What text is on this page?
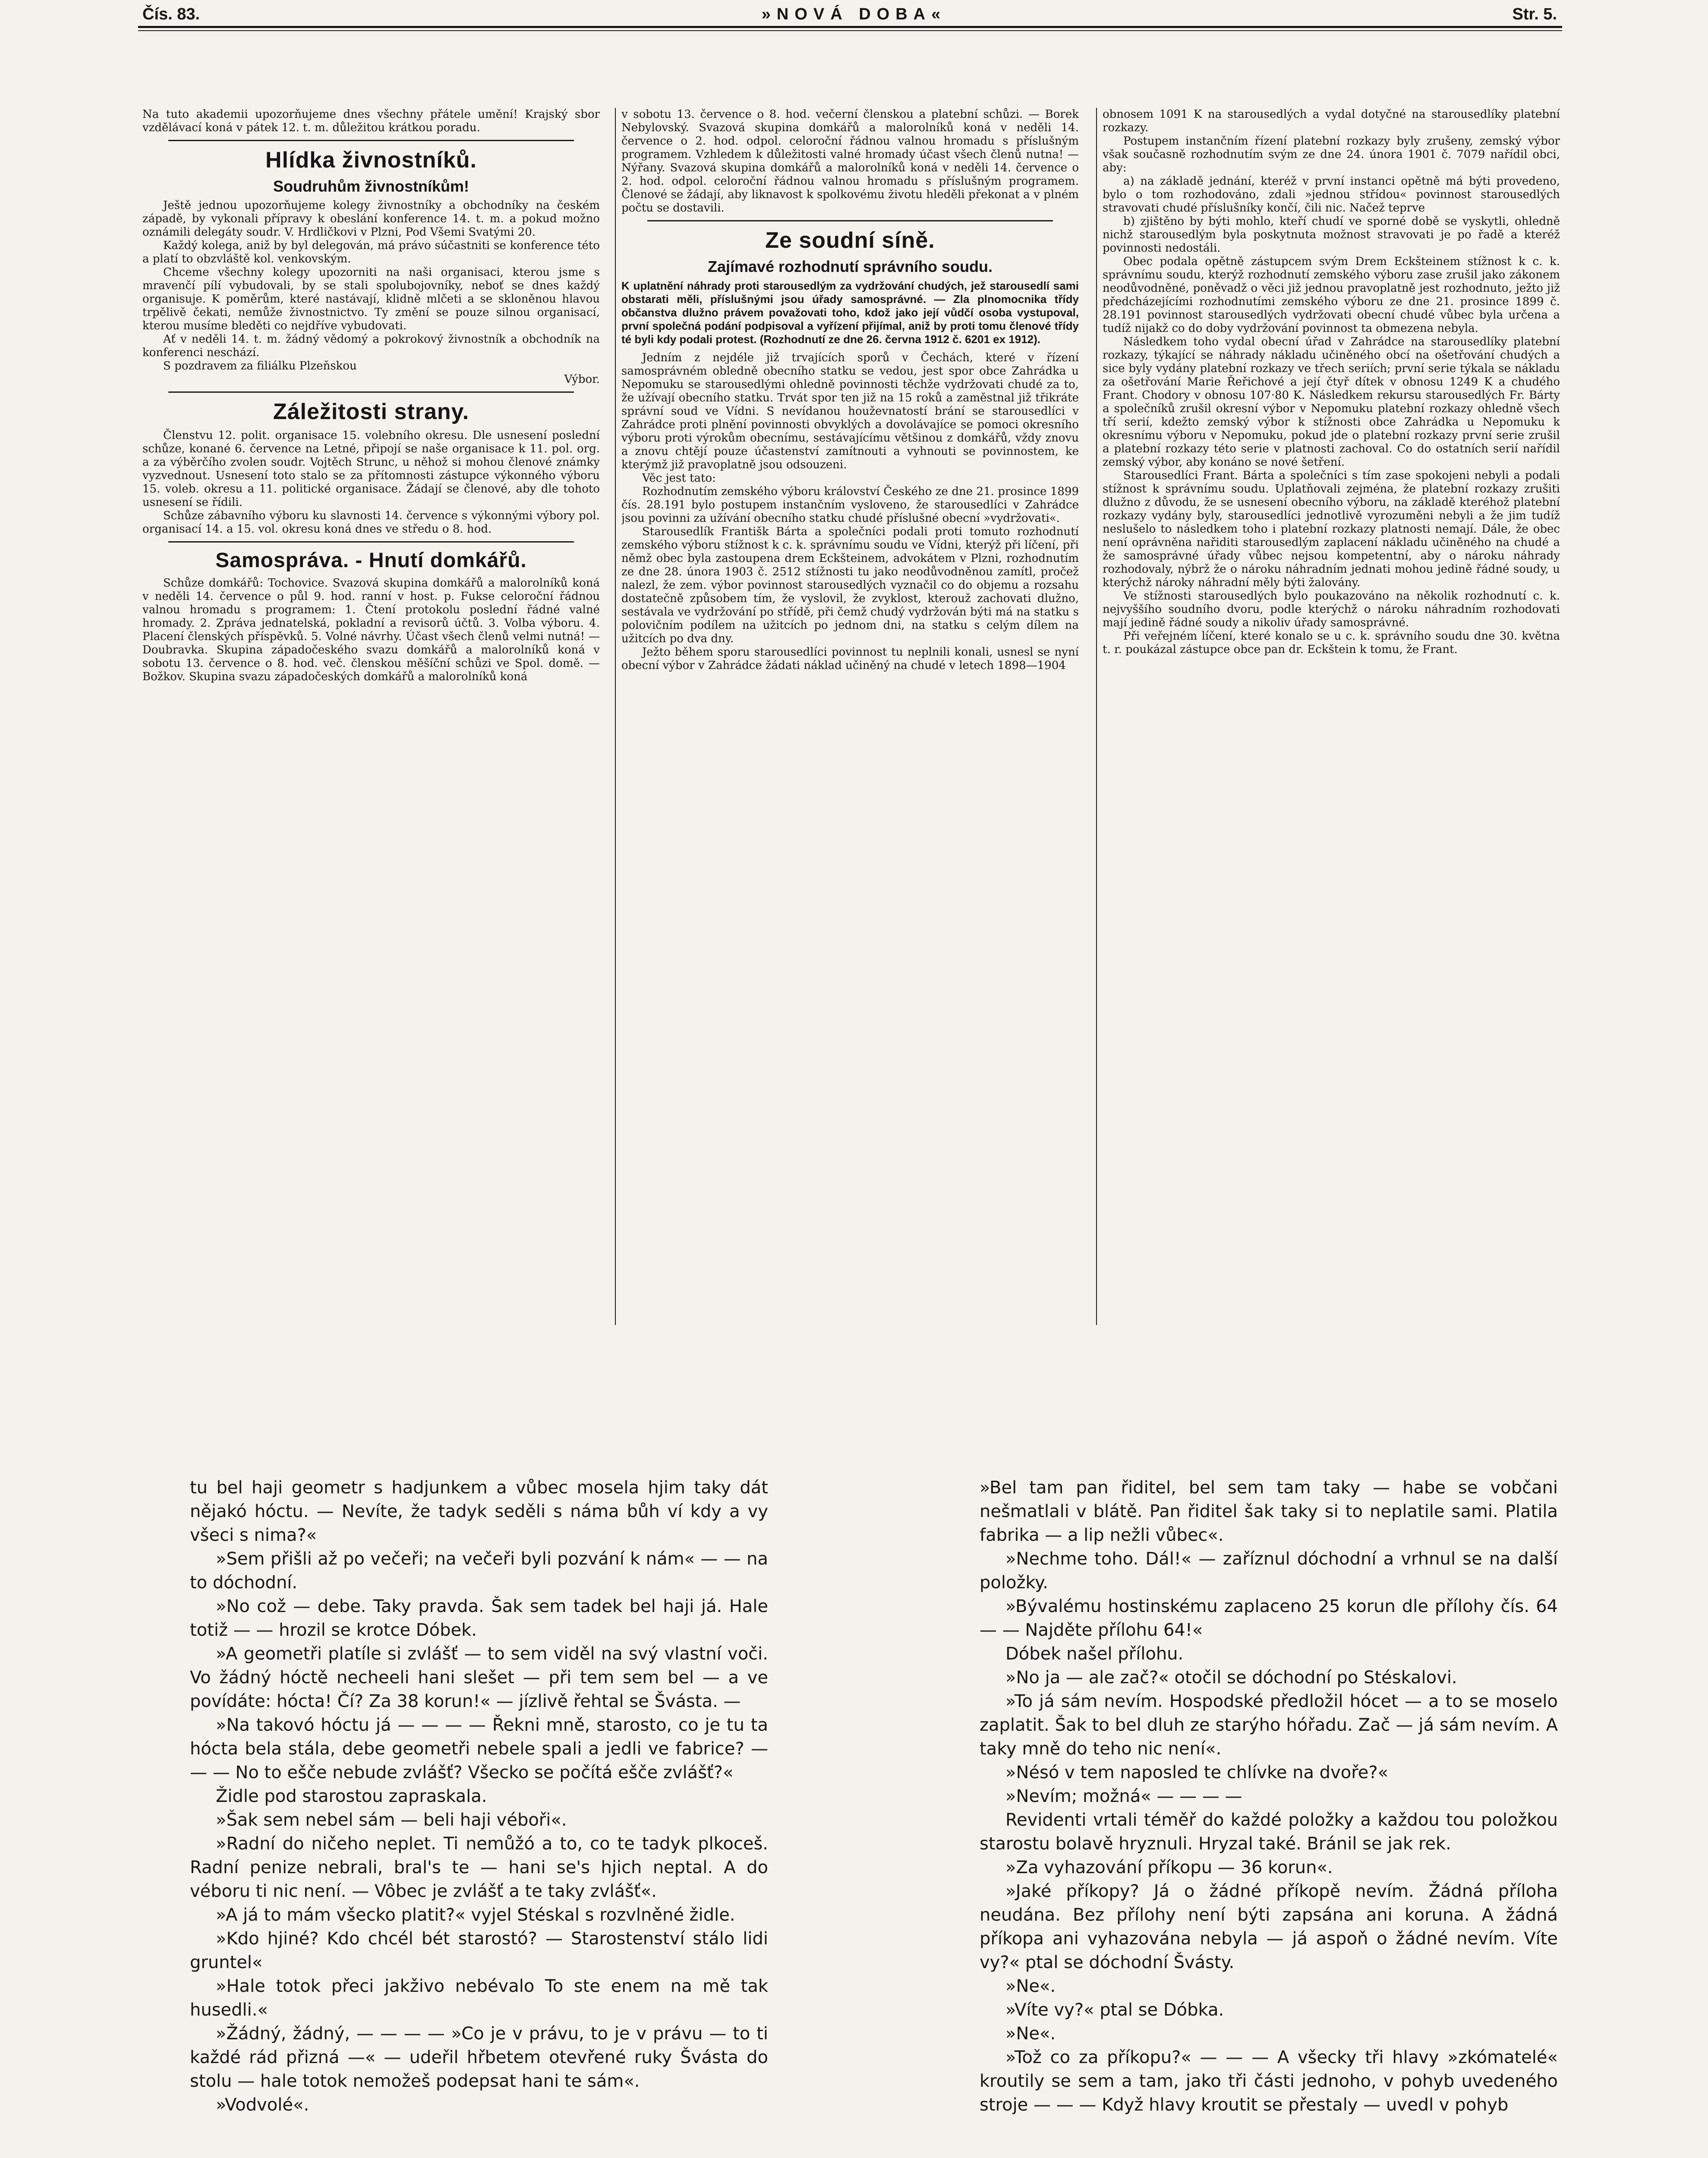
Čís. 83.	»NOVÁ DOBA«	Str. 5.

Na tuto akademii upozorňujeme dnes všechny přátele umění! Krajský sbor vzdělávací koná v pátek 12. t. m. důležitou krátkou poradu.

Hlídka živnostníků.
Soudruhům živnostníkům!

Ještě jednou upozorňujeme kolegy živnostníky a obchodníky na českém západě, by vykonali přípravy k obeslání konference 14. t. m. a pokud možno oznámili delegáty soudr. V. Hrdličkovi v Plzni, Pod Všemi Svatými 20.

Každý kolega, aniž by byl delegován, má právo súčastniti se konference této a platí to obzvláště kol. venkovským.

Chceme všechny kolegy upozorniti na naši organisaci, kterou jsme s mravenčí pílí vybudovali, by se stali spolubojovníky, neboť se dnes každý organisuje. K poměrům, které nastávají, klidně mlčeti a se skloněnou hlavou trpělivě čekati, nemůže živnostnictvo. Ty změní se pouze silnou organisací, kterou musíme bleděti co nejdříve vybudovati.

Ať v neděli 14. t. m. žádný vědomý a pokrokový živnostník a obchodník na konferenci neschází.

S pozdravem za filiálku Plzeňskou

Výbor.

Záležitosti strany.

Členstvu 12. polit. organisace 15. volebního okresu. Dle usnesení poslední schůze, konané 6. července na Letné, připojí se naše organisace k 11. pol. org. a za výběrčího zvolen soudr. Vojtěch Strunc, u něhož si mohou členové známky vyzvednout. Usnesení toto stalo se za přítomnosti zástupce výkonného výboru 15. voleb. okresu a 11. politické organisace. Žádají se členové, aby dle tohoto usnesení se řídili.

Schůze zábavního výboru ku slavnosti 14. července s výkonnými výbory pol. organisací 14. a 15. vol. okresu koná dnes ve středu o 8. hod.

Samospráva. - Hnutí domkářů.

Schůze domkářů: Tochovice. Svazová skupina domkářů a malorolníků koná v neděli 14. července o půl 9. hod. ranní v host. p. Fukse celoroční řádnou valnou hromadu s programem: 1. Čtení protokolu poslední řádné valné hromady. 2. Zpráva jednatelská, pokladní a revisorů účtů. 3. Volba výboru. 4. Placení členských příspěvků. 5. Volné návrhy. Účast všech členů velmi nutná! — Doubravka. Skupina západočeského svazu domkářů a malorolníků koná v sobotu 13. července o 8. hod. več. členskou měšíční schůzi ve Spol. domě. — Božkov. Skupina svazu západočeských domkářů a malorolníků koná

v sobotu 13. července o 8. hod. večerní členskou a platební schůzi. — Borek Nebylovský. Svazová skupina domkářů a malorolníků koná v neděli 14. července o 2. hod. odpol. celoroční řádnou valnou hromadu s příslušným programem. Vzhledem k důležitosti valné hromady účast všech členů nutna! — Nýřany. Svazová skupina domkářů a malorolníků koná v neděli 14. července o 2. hod. odpol. celoroční řádnou valnou hromadu s příslušným programem. Členové se žádají, aby liknavost k spolkovému životu hleděli překonat a v plném počtu se dostavili.

Ze soudní síně.
Zajímavé rozhodnutí správního soudu.

K uplatnění náhrady proti starousedlým za vydržování chudých, jež starousedlí sami obstarati měli, příslušnými jsou úřady samosprávné. — Zla plnomocnika třídy občanstva dlužno právem považovati toho, kdož jako její vůdčí osoba vystupoval, první společná podání podpisoval a vyřízení přijímal, aniž by proti tomu členové třídy té byli kdy podali protest. (Rozhodnutí ze dne 26. června 1912 č. 6201 ex 1912).

Jedním z nejdéle již trvajících sporů v Čechách, které v řízení samosprávném obledně obecního statku se vedou, jest spor obce Zahrádka u Nepomuku se starousedlými ohledně povinnosti těchže vydržovati chudé za to, že užívají obecního statku. Trvát spor ten již na 15 roků a zaměstnal již třikráte správní soud ve Vídni. S nevídanou houževnatostí brání se starousedlíci v Zahrádce proti plnění povinnosti obvyklých a dovolávajíce se pomoci okresního výboru proti výrokům obecnímu, sestávajícímu většinou z domkářů, vždy znovu a znovu chtějí pouze účastenství zamítnouti a vyhnouti se povinnostem, ke kterýmž již pravoplatně jsou odsouzeni.

Věc jest tato:

Rozhodnutím zemského výboru království Českého ze dne 21. prosince 1899 čís. 28.191 bylo postupem instančním vysloveno, že starousedlíci v Zahrádce jsou povinni za užívání obecního statku chudé příslušné obecní »vydržovati«.

Starousedlík Františk Bárta a společníci podali proti tomuto rozhodnutí zemského výboru stížnost k c. k. správnímu soudu ve Vídni, kterýž při líčení, při němž obec byla zastoupena drem Eckšteinem, advokátem v Plzni, rozhodnutím ze dne 28. února 1903 č. 2512 stížnosti tu jako neodůvodněnou zamítl, pročež nalezl, že zem. výbor povinnost starousedlých vyznačil co do objemu a rozsahu dostatečně způsobem tím, že vyslovil, že zvyklost, kterouž zachovati dlužno, sestávala ve vydržování po střídě, při čemž chudý vydržován býti má na statku s polovičním podílem na užitcích po jednom dni, na statku s celým dílem na užitcích po dva dny.

Ježto během sporu starousedlíci povinnost tu neplnili konali, usnesl se nyní obecní výbor v Zahrádce žádati náklad učiněný na chudé v letech 1898—1904

obnosem 1091 K na starousedlých a vydal dotyčné na starousedlíky platební rozkazy.

Postupem instančním řízení platební rozkazy byly zrušeny, zemský výbor však současně rozhodnutím svým ze dne 24. února 1901 č. 7079 nařídil obci, aby:

a) na základě jednání, kteréž v první instanci opětně má býti provedeno, bylo o tom rozhodováno, zdali »jednou střídou« povinnost starousedlých stravovati chudé příslušníky končí, čili nic. Načež teprve

b) zjištěno by býti mohlo, kteří chudí ve sporné době se vyskytli, ohledně nichž starousedlým byla poskytnuta možnost stravovati je po řadě a kteréž povinnosti nedostáli.

Obec podala opětně zástupcem svým Drem Eckšteinem stížnost k c. k. správnímu soudu, kterýž rozhodnutí zemského výboru zase zrušil jako zákonem neodůvodněné, poněvadž o věci již jednou pravoplatně jest rozhodnuto, ježto již předcházejícími rozhodnutími zemského výboru ze dne 21. prosince 1899 č. 28.191 povinnost starousedlých vydržovati obecní chudé vůbec byla určena a tudíž nijakž co do doby vydržování povinnost ta obmezena nebyla.

Následkem toho vydal obecní úřad v Zahrádce na starousedlíky platební rozkazy, týkající se náhrady nákladu učiněného obcí na ošetřování chudých a sice byly vydány platební rozkazy ve třech seriích; první serie týkala se nákladu za ošetřování Marie Řeřichové a její čtyř dítek v obnosu 1249 K a chudého Frant. Chodory v obnosu 107·80 K. Následkem rekursu starousedlých Fr. Bárty a společníků zrušil okresní výbor v Nepomuku platební rozkazy ohledně všech tří serií, kdežto zemský výbor k stížnosti obce Zahrádka u Nepomuku k okresnímu výboru v Nepomuku, pokud jde o platební rozkazy první serie zrušil a platební rozkazy této serie v platnosti zachoval. Co do ostatních serií nařídil zemský výbor, aby konáno se nové šetření.

Starousedlíci Frant. Bárta a společníci s tím zase spokojeni nebyli a podali stížnost k správnímu soudu. Uplatňovali zejména, že platební rozkazy zrušiti dlužno z důvodu, že se usnesení obecního výboru, na základě kteréhož platební rozkazy vydány byly, starousedlíci jednotlivě vyrozuměni nebyli a že jim tudíž neslušelo to následkem toho i platební rozkazy platnosti nemají. Dále, že obec není oprávněna nařiditi starousedlým zaplacení nákladu učiněného na chudé a že samosprávné úřady vůbec nejsou kompetentní, aby o nároku náhrady rozhodovaly, nýbrž že o nároku náhradním jednati mohou jedině řádné soudy, u kterýchž nároky náhradní měly býti žalovány.

Ve stížnosti starousedlých bylo poukazováno na několik rozhodnutí c. k. nejvyššího soudního dvoru, podle kterýchž o nároku náhradním rozhodovati mají jedině řádné soudy a nikoliv úřady samosprávné.

Při veřejném líčení, které konalo se u c. k. správního soudu dne 30. května t. r. poukázal zástupce obce pan dr. Eckštein k tomu, že Frant.

tu bel haji geometr s hadjunkem a vůbec mosela hjim taky dát nějakó hóctu. — Nevíte, že tadyk seděli s náma bůh ví kdy a vy všeci s nima?«

»Sem přišli až po večeři; na večeři byli pozvání k nám« — — na to dóchodní.

»No což — debe. Taky pravda. Šak sem tadek bel haji já. Hale totiž — — hrozil se krotce Dóbek.

»A geometři platíle si zvlášť — to sem viděl na svý vlastní voči. Vo žádný hóctě necheeli hani slešet — při tem sem bel — a ve povídáte: hócta! Čí? Za 38 korun!« — jízlivě řehtal se Švásta. —

»Na takovó hóctu já — — — — Řekni mně, starosto, co je tu ta hócta bela stála, debe geometři nebele spali a jedli ve fabrice? — — — No to ešče nebude zvlášť? Všecko se počítá ešče zvlášť?«

Židle pod starostou zapraskala.

»Šak sem nebel sám — beli haji véboři«.

»Radní do ničeho neplet. Ti nemůžó a to, co te tadyk plkoceš. Radní penize nebrali, bral's te — hani se's hjich neptal. A do véboru ti nic není. — Vôbec je zvlášť a te taky zvlášť«.

»A já to mám všecko platit?« vyjel Stéskal s rozvlněné židle.

»Kdo hjiné? Kdo chcél bét starostó? — Starostenství stálo lidi gruntel«

»Hale totok přeci jakživo nebévalo To ste enem na mě tak husedli.«

»Žádný, žádný, — — — — »Co je v právu, to je v právu — to ti každé rád přizná —« — udeřil hřbetem otevřené ruky Švásta do stolu — hale totok nemožeš podepsat hani te sám«.

»Vodvolé«.

»Bel tam pan řiditel, bel sem tam taky — habe se vobčani nešmatlali v blátě. Pan řiditel šak taky si to neplatile sami. Platila fabrika — a lip nežli vůbec«.

»Nechme toho. Dál!« — zaříznul dóchodní a vrhnul se na další položky.

»Bývalému hostinskému zaplaceno 25 korun dle přílohy čís. 64 — — Najděte přílohu 64!«

Dóbek našel přílohu.

»No ja — ale zač?« otočil se dóchodní po Stéskalovi.

»To já sám nevím. Hospodské předložil hócet — a to se moselo zaplatit. Šak to bel dluh ze starýho hóřadu. Zač — já sám nevím. A taky mně do teho nic není«.

»Nésó v tem naposled te chlívke na dvoře?«

»Nevím; možná« — — — —

Revidenti vrtali téměř do každé položky a každou tou položkou starostu bolavě hryznuli. Hryzal také. Bránil se jak rek.

»Za vyhazování příkopu — 36 korun«.

»Jaké příkopy? Já o žádné příkopě nevím. Žádná příloha neudána. Bez přílohy není býti zapsána ani koruna. A žádná příkopa ani vyhazována nebyla — já aspoň o žádné nevím. Víte vy?« ptal se dóchodní Švásty.

»Ne«.

»Víte vy?« ptal se Dóbka.

»Ne«.

»Tož co za příkopu?« — — — A všecky tři hlavy »zkómatelé« kroutily se sem a tam, jako tři části jednoho, v pohyb uvedeného stroje — — — Když hlavy kroutit se přestaly — uvedl v pohyb
